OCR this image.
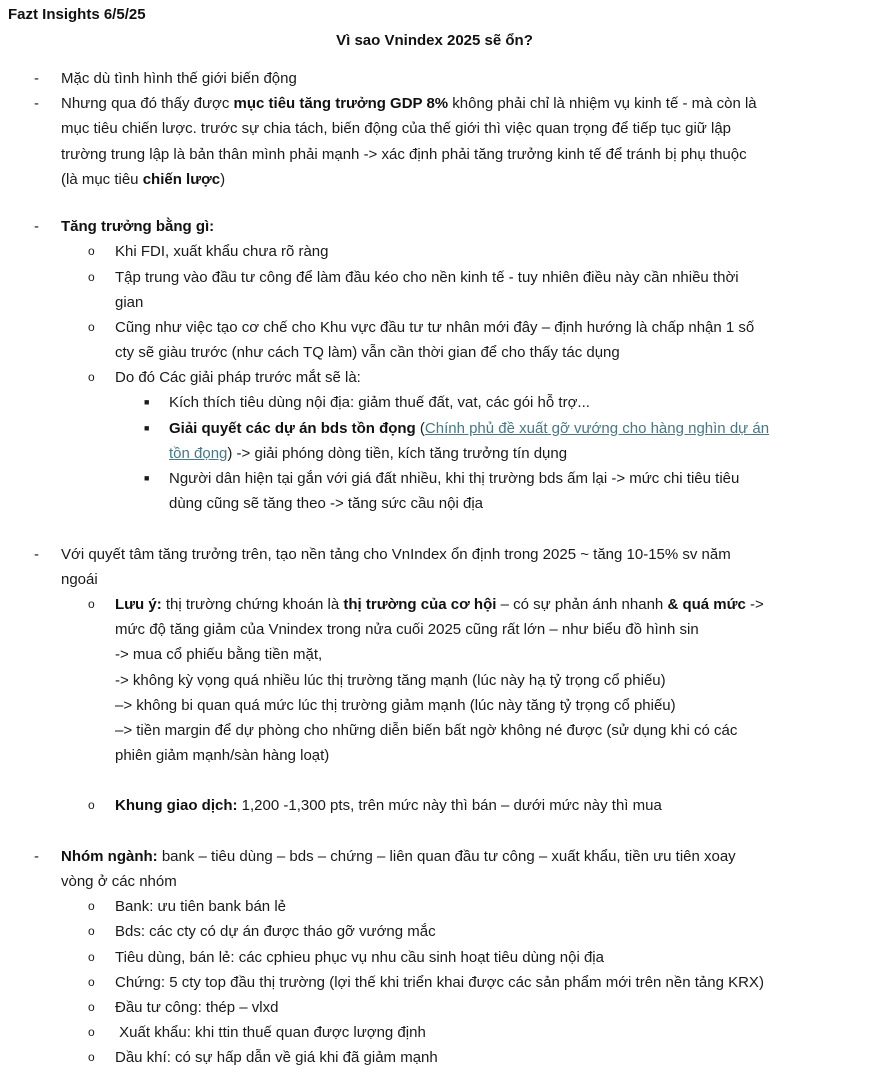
Fazt Insights 6/5/25
Vì sao Vnindex 2025 sẽ ổn?
- Mặc dù tình hình thế giới biến động
- Nhưng qua đó thấy được mục tiêu tăng trưởng GDP 8% không phải chỉ là nhiệm vụ kinh tế - mà còn là
mục tiêu chiến lược. trước sự chia tách, biến động của thế giới thì việc quan trọng để tiếp tục giữ lập
trường trung lập là bản thân mình phải mạnh -> xác định phải tăng trưởng kinh tế để tránh bị phụ thuộc
(là mục tiêu chiến lược)
- Tăng trưởng bằng gì:
o Khi FDI, xuất khẩu chưa rõ ràng
o Tập trung vào đầu tư công để làm đầu kéo cho nền kinh tế - tuy nhiên điều này cần nhiều thời
gian
o Cũng như việc tạo cơ chế cho Khu vực đầu tư tư nhân mới đây – định hướng là chấp nhận 1 số
cty sẽ giàu trước (như cách TQ làm) vẫn cần thời gian để cho thấy tác dụng
o Do đó Các giải pháp trước mắt sẽ là:
■ Kích thích tiêu dùng nội địa: giảm thuế đất, vat, các gói hỗ trợ...
■ Giải quyết các dự án bds tồn đọng (Chính phủ đề xuất gỡ vướng cho hàng nghìn dự án
tồn đọng) -> giải phóng dòng tiền, kích tăng trưởng tín dụng
■ Người dân hiện tại gắn với giá đất nhiều, khi thị trường bds ấm lại -> mức chi tiêu tiêu
dùng cũng sẽ tăng theo -> tăng sức cầu nội địa
- Với quyết tâm tăng trưởng trên, tạo nền tảng cho VnIndex ổn định trong 2025 ~ tăng 10-15% sv năm
ngoái
o Lưu ý: thị trường chứng khoán là thị trường của cơ hội – có sự phản ánh nhanh & quá mức ->
mức độ tăng giảm của Vnindex trong nửa cuối 2025 cũng rất lớn – như biểu đồ hình sin
-> mua cổ phiếu bằng tiền mặt,
-> không kỳ vọng quá nhiều lúc thị trường tăng mạnh (lúc này hạ tỷ trọng cổ phiếu)
–> không bi quan quá mức lúc thị trường giảm mạnh (lúc này tăng tỷ trọng cổ phiếu)
–> tiền margin để dự phòng cho những diễn biến bất ngờ không né được (sử dụng khi có các
phiên giảm mạnh/sàn hàng loạt)
o Khung giao dịch: 1,200 -1,300 pts, trên mức này thì bán – dưới mức này thì mua
- Nhóm ngành: bank – tiêu dùng – bds – chứng – liên quan đầu tư công – xuất khẩu, tiền ưu tiên xoay
vòng ở các nhóm
o Bank: ưu tiên bank bán lẻ
o Bds: các cty có dự án được tháo gỡ vướng mắc
o Tiêu dùng, bán lẻ: các cphieu phục vụ nhu cầu sinh hoạt tiêu dùng nội địa
o Chứng: 5 cty top đầu thị trường (lợi thế khi triển khai được các sản phẩm mới trên nền tảng KRX)
o Đầu tư công: thép – vlxd
o Xuất khẩu: khi ttin thuế quan được lượng định
o Dầu khí: có sự hấp dẫn về giá khi đã giảm mạnh
